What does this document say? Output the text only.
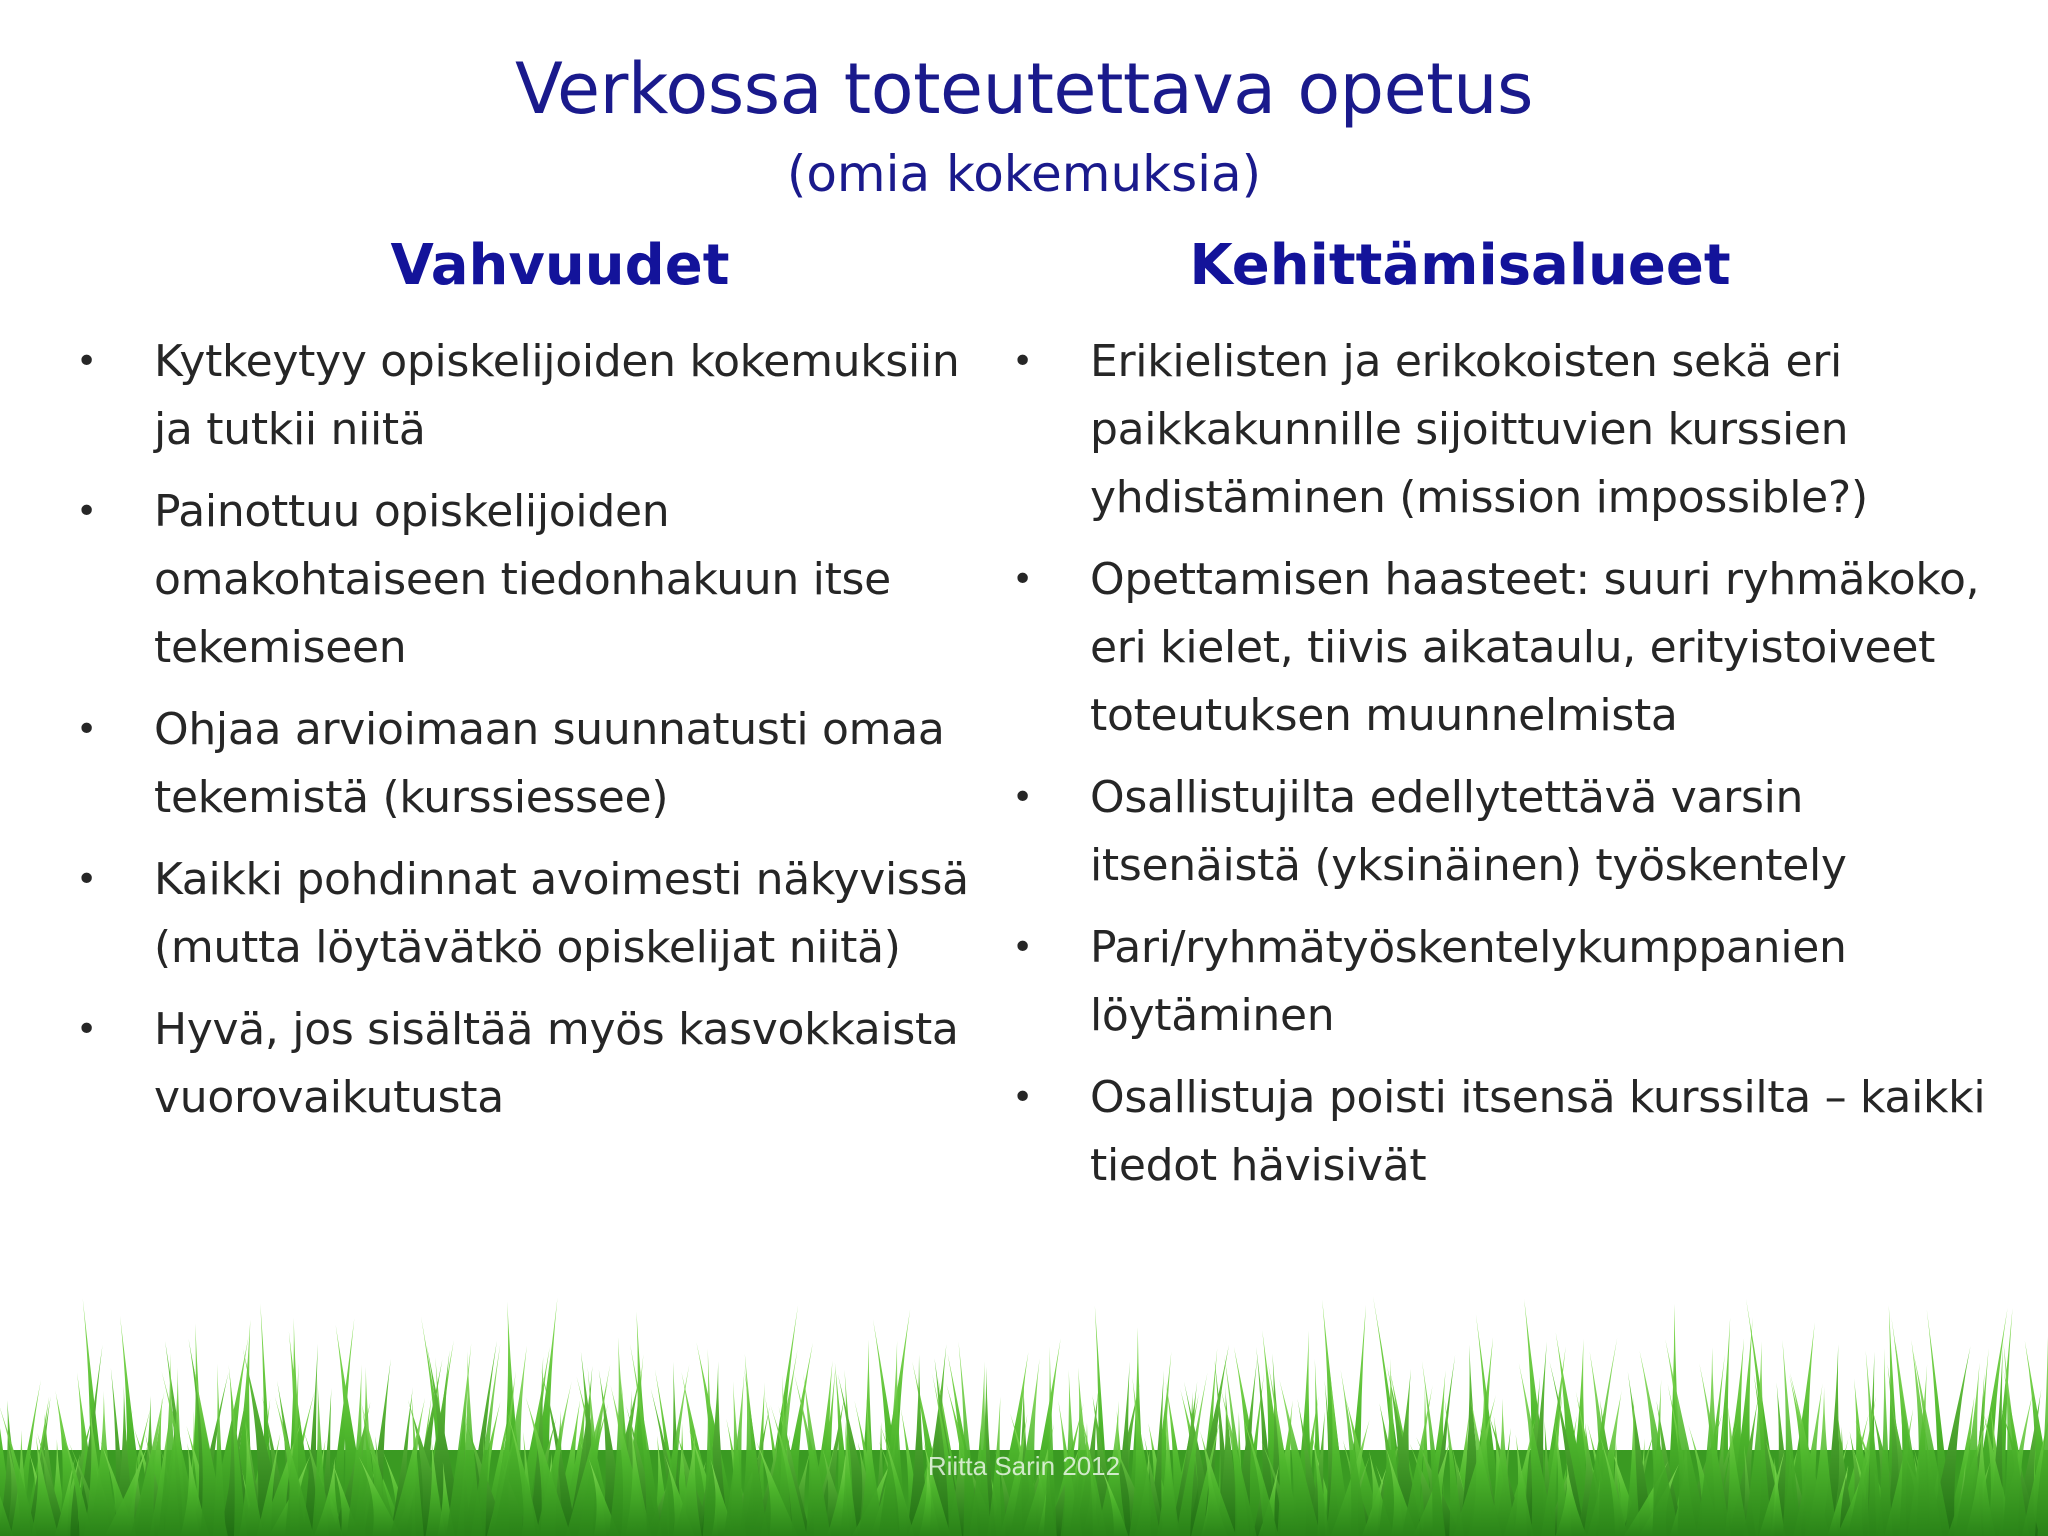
Verkossa toteutettava opetus
(omia kokemuksia)
Vahvuudet	Kehittämisalueet
•	Kytkeytyy opiskelijoiden kokemuksiin ja tutkii niitä
•	Painottuu opiskelijoiden omakohtaiseen tiedonhakuun itse tekemiseen
•	Ohjaa arvioimaan suunnatusti omaa tekemistä (kurssiessee)
•	Kaikki pohdinnat avoimesti näkyvissä (mutta löytävätkö opiskelijat niitä)
•	Hyvä, jos sisältää myös kasvokkaista vuorovaikutusta
•	Erikielisten ja erikokoisten sekä eri paikkakunnille sijoittuvien kurssien yhdistäminen (mission impossible?)
•	Opettamisen haasteet: suuri ryhmäkoko, eri kielet, tiivis aikataulu, erityistoiveet toteutuksen muunnelmista
•	Osallistujilta edellytettävä varsin itsenäistä (yksinäinen) työskentely
•	Pari/ryhmätyöskentelykumppanien löytäminen
•	Osallistuja poisti itsensä kurssilta – kaikki tiedot hävisivät
Riitta Sarin 2012
